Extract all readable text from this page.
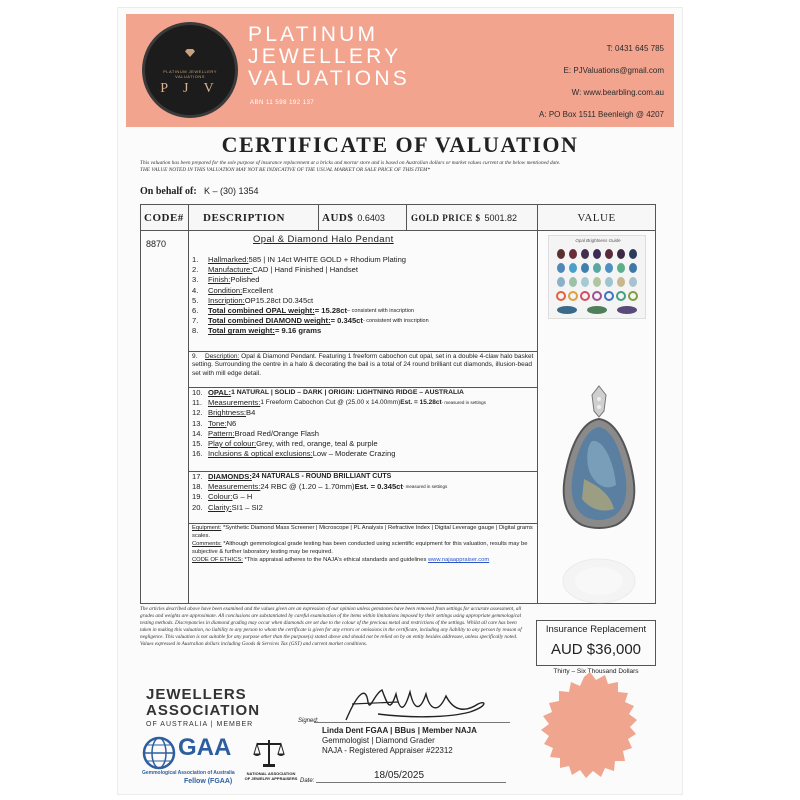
PLATINUM JEWELLERY VALUATIONS
P J V
PLATINUM
JEWELLERY
VALUATIONS
ABN 11 598 192 137
T: 0431 645 785
E: PJValuations@gmail.com
W: www.bearbling.com.au
A: PO Box 1511 Beenleigh @ 4207
CERTIFICATE OF VALUATION
This valuation has been prepared for the sole purpose of insurance replacement at a bricks and mortar store and is based on Australian dollars or market values current at the below mentioned date.
THE VALUE NOTED IN THIS VALUATION MAY NOT BE INDICATIVE OF THE USUAL MARKET OR SALE PRICE OF THIS ITEM*
On behalf of: K – (30) 1354
CODE# DESCRIPTION	AUD$ 0.6403	GOLD PRICE $ 5001.82	VALUE
8870	Opal & Diamond Halo Pendant
1.	Hallmarked: 585 | IN 14ct WHITE GOLD + Rhodium Plating
2.	Manufacture: CAD | Hand Finished | Handset
3.	Finish: Polished
4.	Condition: Excellent
5.	Inscription: OP15.28ct D0.345ct
6.	Total combined OPAL weight: = 15.28ct – consistent with inscription
7.	Total combined DIAMOND weight: = 0.345ct - consistent with inscription
8.	Total gram weight: = 9.16 grams
9. Description: Opal & Diamond Pendant. Featuring 1 freeform cabochon cut opal, set in a double 4-claw halo basket setting. Surrounding the centre in a halo & decorating the bail is a total of 24 round brilliant cut diamonds, illusion-bead set with mill edge detail.
10. OPAL: 1 NATURAL | SOLID – DARK | ORIGIN: LIGHTNING RIDGE – AUSTRALIA
11. Measurements: 1 Freeform Cabochon Cut @ (25.00 x 14.00mm) Est. = 15.28ct - measured in settings
12. Brightness: B4
13. Tone: N6
14. Pattern: Broad Red/Orange Flash
15. Play of colour: Grey, with red, orange, teal & purple
16. Inclusions & optical exclusions: Low – Moderate Crazing
17. DIAMONDS: 24 NATURALS - ROUND BRILLIANT CUTS
18. Measurements: 24 RBC @ (1.20 – 1.70mm) Est. = 0.345ct - measured in settings
19. Colour: G – H
20. Clarity: SI1 – SI2

Equipment: *Synthetic Diamond Mass Screener | Microscope | PL Analysis | Refractive Index | Digital Leverage gauge | Digital grams scales.

Comments: *Although gemmological grade testing has been conducted using scientific equipment for this valuation, results may be subjective & further laboratory testing may be required.

CODE OF ETHICS: *This appraisal adheres to the NAJA's ethical standards and guidelines www.najaappraiser.com

Opal Brightness Guide
The articles described above have been examined and the values given are an expression of our opinion unless gemstones have been removed from settings for accurate assessment, all grades and weights are approximate. All conclusions are substantiated by careful examination of the items within limitations imposed by their settings using appropriate gemmological testing methods. Discrepancies in diamond grading may occur when diamonds are set due to the colour of the precious metal and restrictions of the settings. Whilst all care has been taken in making this valuation, no liability to any person to whom the certificate is given for any errors or omissions in the certificate, including any liability to any person by reason of negligence. This valuation is not suitable for any purpose other than the purpose(s) stated above and should not be relied on by an entity besides addressee, unless specifically noted. Values expressed in Australian dollars including Goods & Services Tax (GST) and current market conditions.
Insurance Replacement
AUD $36,000
Thirty – Six Thousand Dollars
JEWELLERS
ASSOCIATION
OF AUSTRALIA | MEMBER
GAA
Gemmological Association of Australia
Fellow (FGAA)
NATIONAL ASSOCIATION OF JEWELRY APPRAISERS
Signed:
Linda Dent FGAA | BBus | Member NAJA
Gemmologist | Diamond Grader
NAJA - Registered Appraiser #22312
Date:	18/05/2025
